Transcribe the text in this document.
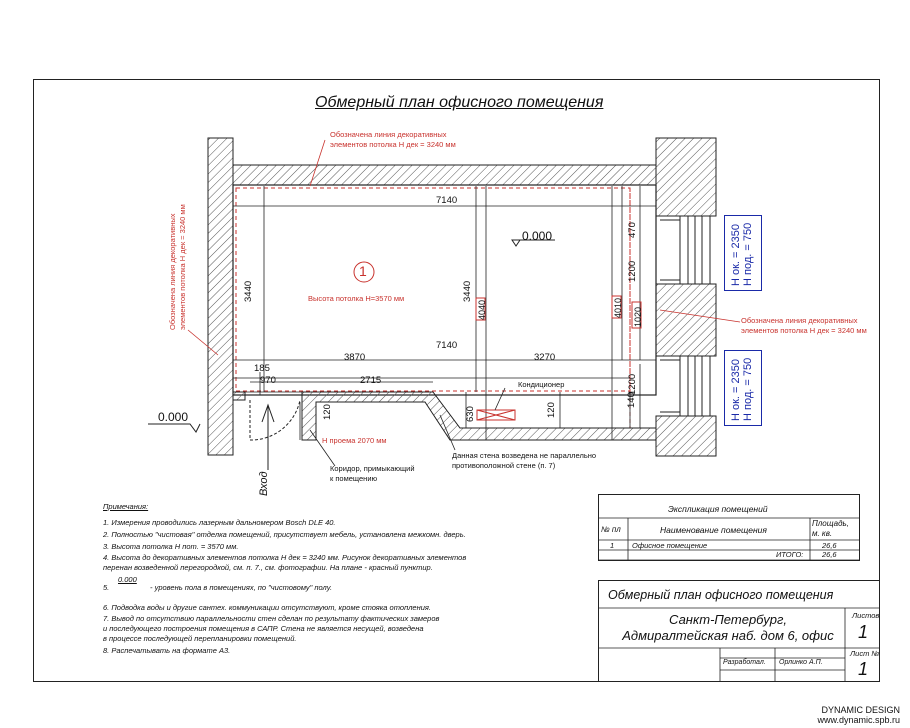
Обмерный план офисного помещения
Обозначена линия декоративных
элементов потолка Н дек = 3240 мм
Обозначена линия декоративных
элементов потолка Н дек = 3240 мм
Обозначена линия декоративных элементов потолка Н дек = 3240 мм	1
Высота потолка Н=3570 мм
0.000
0.000
Кондиционер
Данная стена возведена не параллельно
противоположной стене (п. 7)
Коридор, примыкающий
к помещению
Н проема 2070 мм
Вход
Н ок. = 2350 Н под. = 750
Н ок. = 2350 Н под. = 750
7140
7140
3870	3270
185
970	2715
120	120
630
140
3440	3440
4040	4010 1020
470
1200
1200
Примечания:
1. Измерения проводились лазерным дальномером Bosch DLE 40.
2. Полностью "чистовая" отделка помещений, присутствует мебель, установлена межкомн. дверь.
3. Высота потолка Н пот. = 3570 мм.
4. Высота до декоративных элементов потолка Н дек = 3240 мм. Рисунок декоративных элементов
перенан возведенной перегородкой, см. п. 7., см. фотографии. На плане - красный пунктир.
5.
0.000
- уровень пола в помещениях, по "чистовому" полу.
6. Подводка воды и другие сантех. коммуникации отсутствуют, кроме стояка отопления.
7. Вывод по отсутствию параллельности стен сделан по результату фактических замеров
и последующего построения помещения в САПР. Стена не является несущей, возведена
в процессе последующей перепланировки помещений.
8. Распечатывать на формате А3.
Экспликация помещений
№ пл	Наименование помещения
Площадь,
м. кв.
1 Офисное помещение	26,6
ИТОГО: 26,6
Обмерный план офисного помещения
Санкт-Петербург,
Адмиралтейская наб. дом 6, офис
Листов
1
Лист №
1
Разработал. Орлинко А.П.
DYNAMIC DESIGN
www.dynamic.spb.ru
